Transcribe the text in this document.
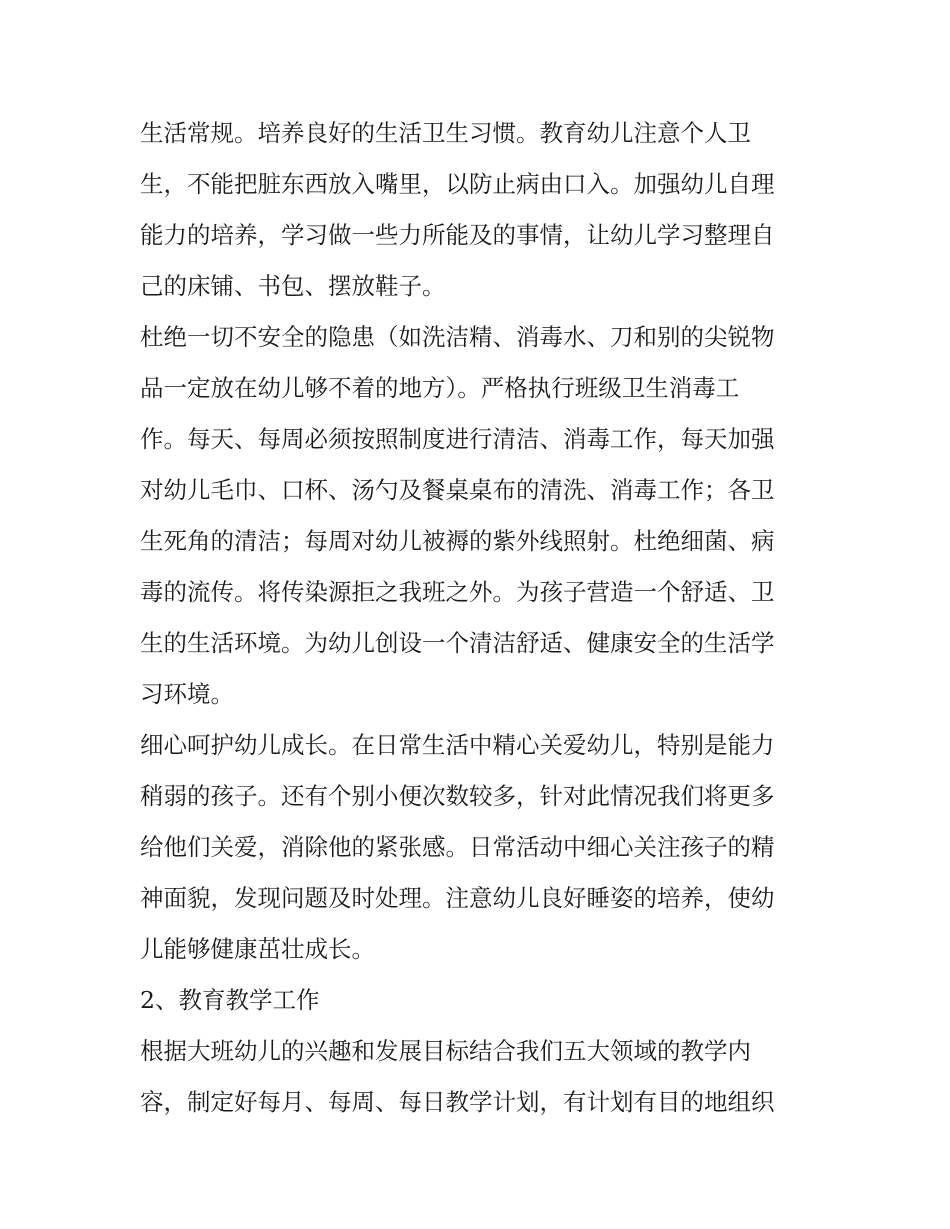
生活常规。培养良好的生活卫生习惯。教育幼儿注意个人卫
生，不能把脏东西放入嘴里，以防止病由口入。加强幼儿自理
能力的培养，学习做一些力所能及的事情，让幼儿学习整理自
己的床铺、书包、摆放鞋子。
杜绝一切不安全的隐患（如洗洁精、消毒水、刀和别的尖锐物
品一定放在幼儿够不着的地方）。严格执行班级卫生消毒工
作。每天、每周必须按照制度进行清洁、消毒工作，每天加强
对幼儿毛巾、口杯、汤勺及餐桌桌布的清洗、消毒工作；各卫
生死角的清洁；每周对幼儿被褥的紫外线照射。杜绝细菌、病
毒的流传。将传染源拒之我班之外。为孩子营造一个舒适、卫
生的生活环境。为幼儿创设一个清洁舒适、健康安全的生活学
习环境。
细心呵护幼儿成长。在日常生活中精心关爱幼儿，特别是能力
稍弱的孩子。还有个别小便次数较多，针对此情况我们将更多
给他们关爱，消除他的紧张感。日常活动中细心关注孩子的精
神面貌，发现问题及时处理。注意幼儿良好睡姿的培养，使幼
儿能够健康茁壮成长。
2、教育教学工作
根据大班幼儿的兴趣和发展目标结合我们五大领域的教学内
容，制定好每月、每周、每日教学计划，有计划有目的地组织
